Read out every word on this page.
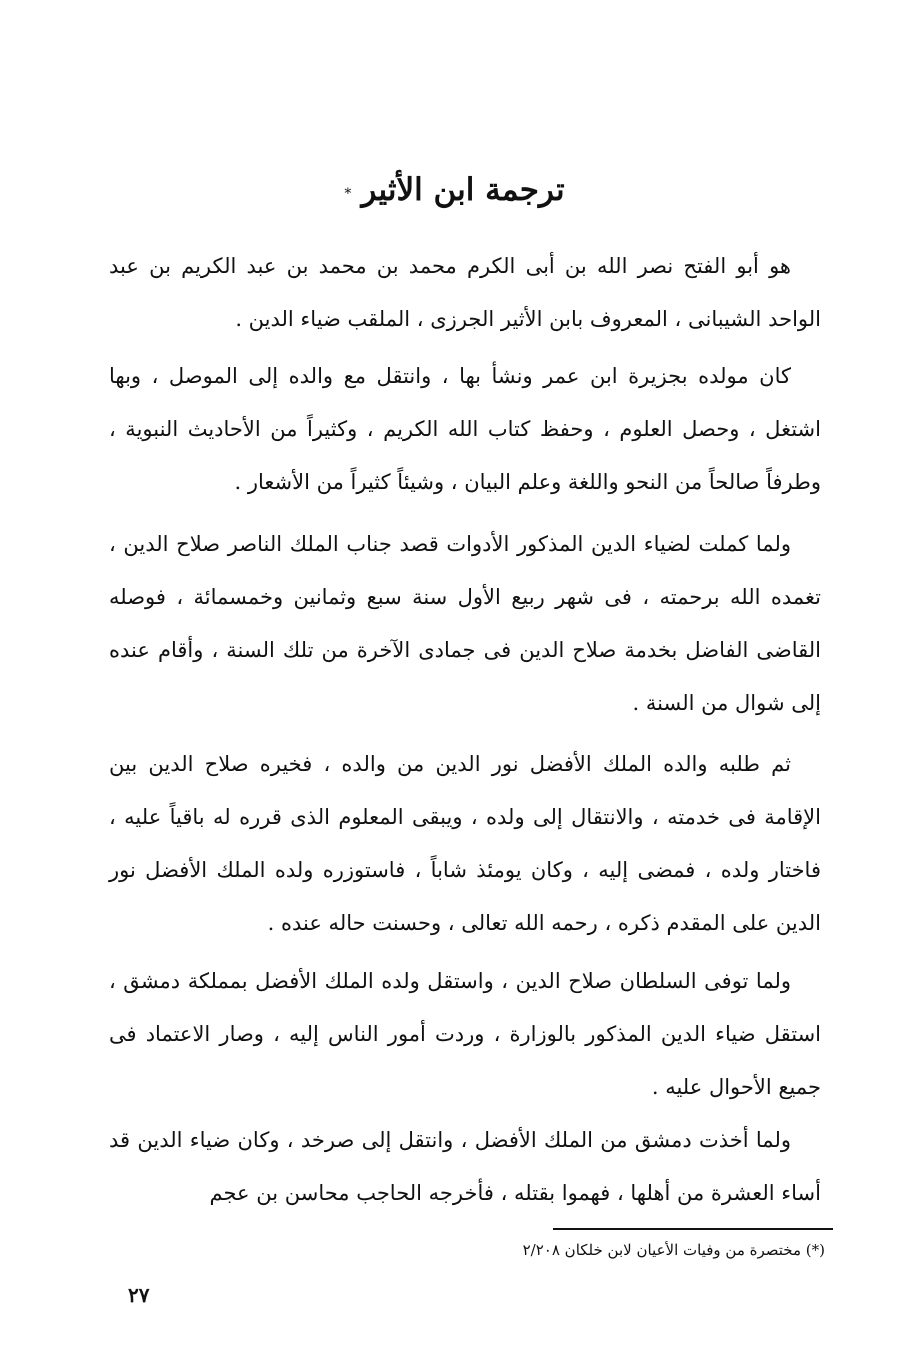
ترجمة ابن الأثير*

هو أبو الفتح نصر الله بن أبى الكرم محمد بن محمد بن عبد الكريم بن عبد الواحد الشيبانى ، المعروف بابن الأثير الجرزى ، الملقب ضياء الدين .

كان مولده بجزيرة ابن عمر ونشأ بها ، وانتقل مع والده إلى الموصل ، وبها اشتغل ، وحصل العلوم ، وحفظ كتاب الله الكريم ، وكثيراً من الأحاديث النبوية ، وطرفاً صالحاً من النحو واللغة وعلم البيان ، وشيئاً كثيراً من الأشعار .

ولما كملت لضياء الدين المذكور الأدوات قصد جناب الملك الناصر صلاح الدين ، تغمده الله برحمته ، فى شهر ربيع الأول سنة سبع وثمانين وخمسمائة ، فوصله القاضى الفاضل بخدمة صلاح الدين فى جمادى الآخرة من تلك السنة ، وأقام عنده إلى شوال من السنة .

ثم طلبه والده الملك الأفضل نور الدين من والده ، فخيره صلاح الدين بين الإقامة فى خدمته ، والانتقال إلى ولده ، ويبقى المعلوم الذى قرره له باقياً عليه ، فاختار ولده ، فمضى إليه ، وكان يومئذ شاباً ، فاستوزره ولده الملك الأفضل نور الدين على المقدم ذكره ، رحمه الله تعالى ، وحسنت حاله عنده .

ولما توفى السلطان صلاح الدين ، واستقل ولده الملك الأفضل بمملكة دمشق ، استقل ضياء الدين المذكور بالوزارة ، وردت أمور الناس إليه ، وصار الاعتماد فى جميع الأحوال عليه .

ولما أخذت دمشق من الملك الأفضل ، وانتقل إلى صرخد ، وكان ضياء الدين قد أساء العشرة من أهلها ، فهموا بقتله ، فأخرجه الحاجب محاسن بن عجم

(*) مختصرة من وفيات الأعيان لابن خلكان ٢/٢٠٨
٢٧
